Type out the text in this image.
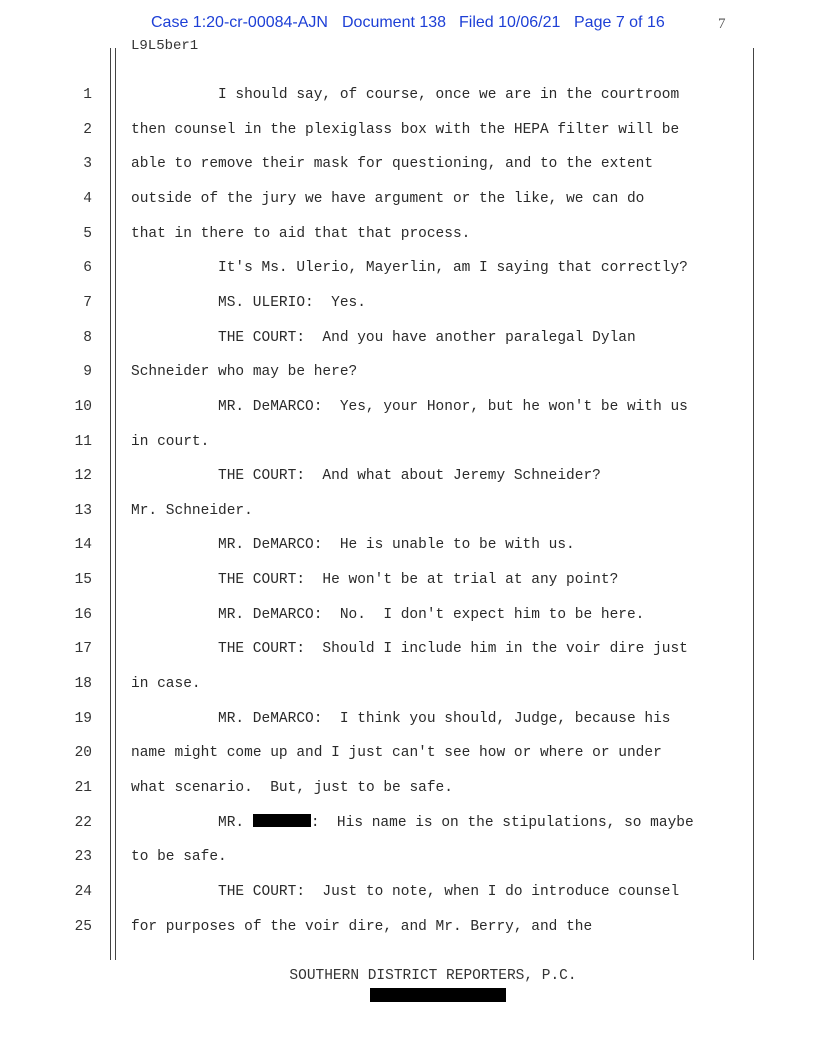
Case 1:20-cr-00084-AJN Document 138 Filed 10/06/21 Page 7 of 16	7
L9L5ber1
1	I should say, of course, once we are in the courtroom
2	then counsel in the plexiglass box with the HEPA filter will be
3	able to remove their mask for questioning, and to the extent
4	outside of the jury we have argument or the like, we can do
5	that in there to aid that that process.
6	It's Ms. Ulerio, Mayerlin, am I saying that correctly?
7	MS. ULERIO:  Yes.
8	THE COURT:  And you have another paralegal Dylan
9	Schneider who may be here?
10	MR. DeMARCO:  Yes, your Honor, but he won't be with us
11	in court.
12	THE COURT:  And what about Jeremy Schneider?
13	Mr. Schneider.
14	MR. DeMARCO:  He is unable to be with us.
15	THE COURT:  He won't be at trial at any point?
16	MR. DeMARCO:  No.  I don't expect him to be here.
17	THE COURT:  Should I include him in the voir dire just
18	in case.
19	MR. DeMARCO:  I think you should, Judge, because his
20	name might come up and I just can't see how or where or under
21	what scenario.  But, just to be safe.
22	MR.	:  His name is on the stipulations, so maybe
23	to be safe.
24	THE COURT:  Just to note, when I do introduce counsel
25	for purposes of the voir dire, and Mr. Berry, and the
SOUTHERN DISTRICT REPORTERS, P.C.
